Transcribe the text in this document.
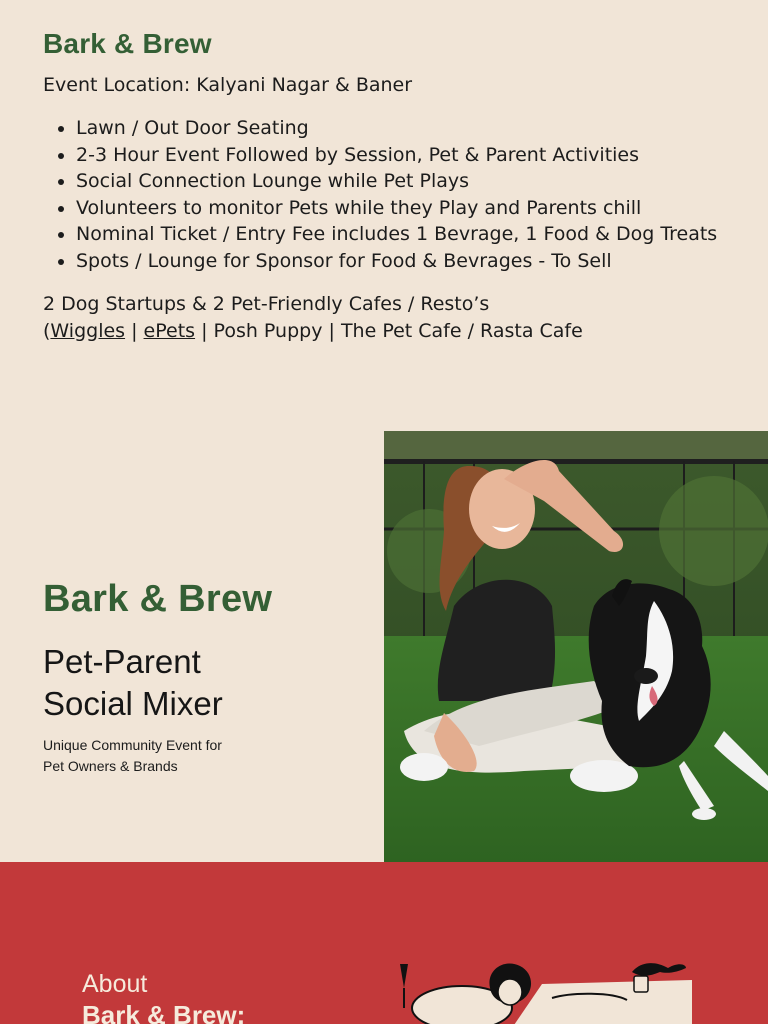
Bark & Brew

Event Location: Kalyani Nagar & Baner

• Lawn / Out Door Seating
• 2-3 Hour Event Followed by Session, Pet & Parent Activities
• Social Connection Lounge while Pet Plays
• Volunteers to monitor Pets while they Play and Parents chill
• Nominal Ticket / Entry Fee includes 1 Bevrage, 1 Food & Dog Treats
• Spots / Lounge for Sponsor for Food & Bevrages - To Sell

2 Dog Startups & 2 Pet-Friendly Cafes / Resto’s

(Wiggles | ePets | Posh Puppy | The Pet Cafe / Rasta Cafe

Bark & Brew
Pet-Parent
Social Mixer
Unique Community Event for
Pet Owners & Brands
About
Bark & Brew:
